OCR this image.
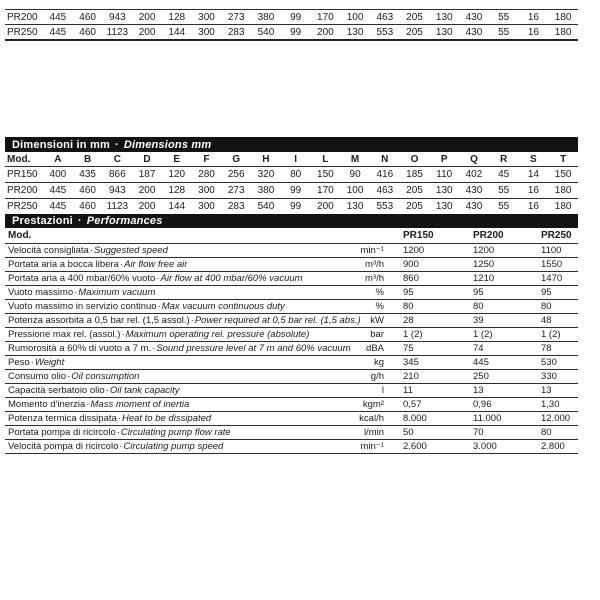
PR200	445	460	943	200	128	300	273	380	99	170	100	463	205	130	430	55	16	180
PR250	445	460	1123	200	144	300	283	540	99	200	130	553	205	130	430	55	16	180
Dimensioni in mm · Dimensions mm
Mod.	A	B	C	D	E	F	G	H	I	L	M	N	O	P	Q	R	S	T
PR150	400	435	866	187	120	280	256	320	80	150	90	416	185	110	402	45	14	150
PR200	445	460	943	200	128	300	273	380	99	170	100	463	205	130	430	55	16	180
PR250	445	460	1123	200	144	300	283	540	99	200	130	553	205	130	430	55	16	180
Prestazioni · Performances
Mod.		PR150	PR200	PR250
Velocità consigliata·Suggested speed	min⁻¹	1200	1200	1100
Portata aria a bocca libera·Air flow free air	m³/h	900	1250	1550
Portata aria a 400 mbar/60% vuoto·Air flow at 400 mbar/60% vacuum	m³/h	860	1210	1470
Vuoto massimo·Maximum vacuum	%	95	95	95
Vuoto massimo in servizio continuo·Max vacuum continuous duty	%	80	80	80
Potenza assorbita a 0,5 bar rel. (1,5 assol.)·Power required at 0,5 bar rel. (1,5 abs.)	kW	28	39	48
Pressione max rel. (assol.)·Maximum operating rel. pressure (absolute)	bar	1 (2)	1 (2)	1 (2)
Rumorosità a 60% di vuoto a 7 m.·Sound pressure level at 7 m and 60% vacuum	dBA	75	74	78
Peso·Weight	kg	345	445	530
Consumo olio·Oil consumption	g/h	210	250	330
Capacità serbatoio olio·Oil tank capacity	l	11	13	13
Momento d'inerzia·Mass moment of inertia	kgm²	0,57	0,96	1,30
Potenza termica dissipata·Heat to be dissipated	kcal/h	8.000	11.000	12.000
Portata pompa di ricircolo·Circulating pump flow rate	l/min	50	70	80
Velocità pompa di ricircolo·Circulating pump speed	min⁻¹	2.600	3.000	2.800
